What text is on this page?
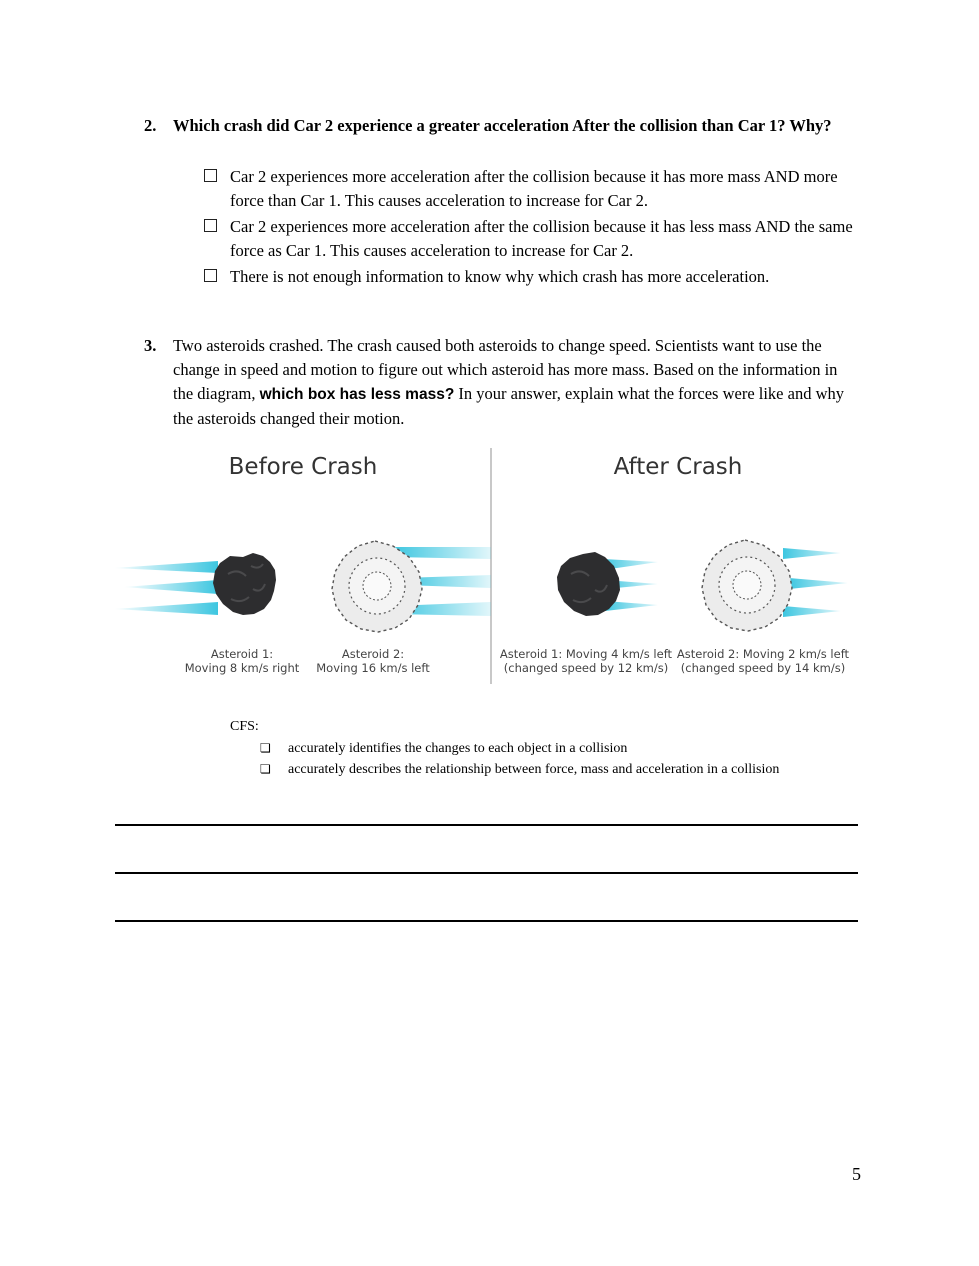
2. Which crash did Car 2 experience a greater acceleration After the collision than Car 1? Why?
Car 2 experiences more acceleration after the collision because it has more mass AND more force than Car 1. This causes acceleration to increase for Car 2.
Car 2 experiences more acceleration after the collision because it has less mass AND the same force as Car 1. This causes acceleration to increase for Car 2.
There is not enough information to know why which crash has more acceleration.
3. Two asteroids crashed. The crash caused both asteroids to change speed. Scientists want to use the change in speed and motion to figure out which asteroid has more mass. Based on the information in the diagram, which box has less mass? In your answer, explain what the forces were like and why the asteroids changed their motion.
Before Crash	After Crash
Asteroid 1:
Moving 8 km/s right
Asteroid 2:
Moving 16 km/s left
Asteroid 1: Moving 4 km/s left
(changed speed by 12 km/s)
Asteroid 2: Moving 2 km/s left
(changed speed by 14 km/s)
CFS:
❏	accurately identifies the changes to each object in a collision
❏	accurately describes the relationship between force, mass and acceleration in a collision
5
